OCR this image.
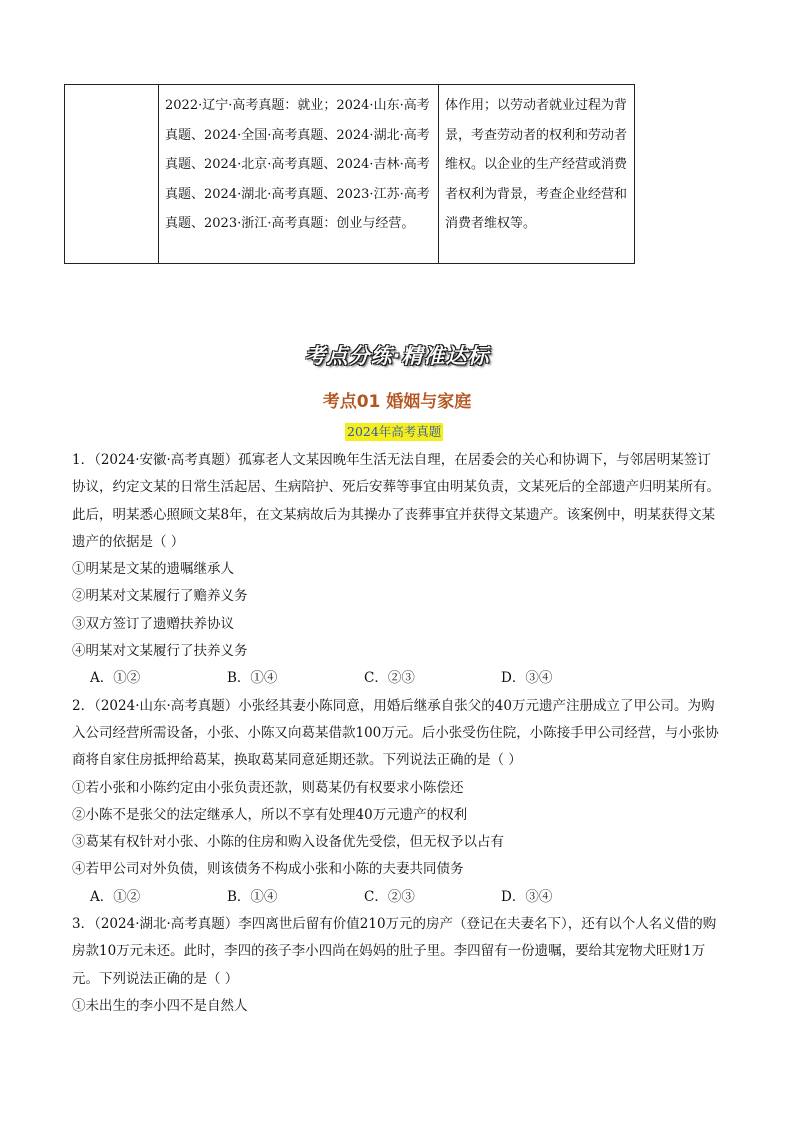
	2022·辽宁·高考真题：就业；2024·山东·高考真题、2024·全国·高考真题、2024·湖北·高考真题、2024·北京·高考真题、2024·吉林·高考真题、2024·湖北·高考真题、2023·江苏·高考真题、2023·浙江·高考真题：创业与经营。	体作用；以劳动者就业过程为背景，考查劳动者的权利和劳动者维权。以企业的生产经营或消费者权利为背景，考查企业经营和消费者维权等。
考点分练·精准达标
考点01 婚姻与家庭
2024年高考真题

1．（2024·安徽·高考真题）孤寡老人文某因晚年生活无法自理，在居委会的关心和协调下，与邻居明某签订协议，约定文某的日常生活起居、生病陪护、死后安葬等事宜由明某负责，文某死后的全部遗产归明某所有。此后，明某悉心照顾文某8年，在文某病故后为其操办了丧葬事宜并获得文某遗产。该案例中，明某获得文某遗产的依据是（ ）

①明某是文某的遗嘱继承人

②明某对文某履行了赡养义务

③双方签订了遗赠扶养协议

④明某对文某履行了扶养义务

A．①②	B．①④	C．②③	D．③④

2．（2024·山东·高考真题）小张经其妻小陈同意，用婚后继承自张父的40万元遗产注册成立了甲公司。为购入公司经营所需设备，小张、小陈又向葛某借款100万元。后小张受伤住院，小陈接手甲公司经营，与小张协商将自家住房抵押给葛某，换取葛某同意延期还款。下列说法正确的是（ ）

①若小张和小陈约定由小张负责还款，则葛某仍有权要求小陈偿还

②小陈不是张父的法定继承人，所以不享有处理40万元遗产的权利

③葛某有权针对小张、小陈的住房和购入设备优先受偿，但无权予以占有

④若甲公司对外负债，则该债务不构成小张和小陈的夫妻共同债务

A．①②	B．①④	C．②③	D．③④

3．（2024·湖北·高考真题）李四离世后留有价值210万元的房产（登记在夫妻名下），还有以个人名义借的购房款10万元未还。此时，李四的孩子李小四尚在妈妈的肚子里。李四留有一份遗嘱，要给其宠物犬旺财1万元。下列说法正确的是（ ）

①未出生的李小四不是自然人
